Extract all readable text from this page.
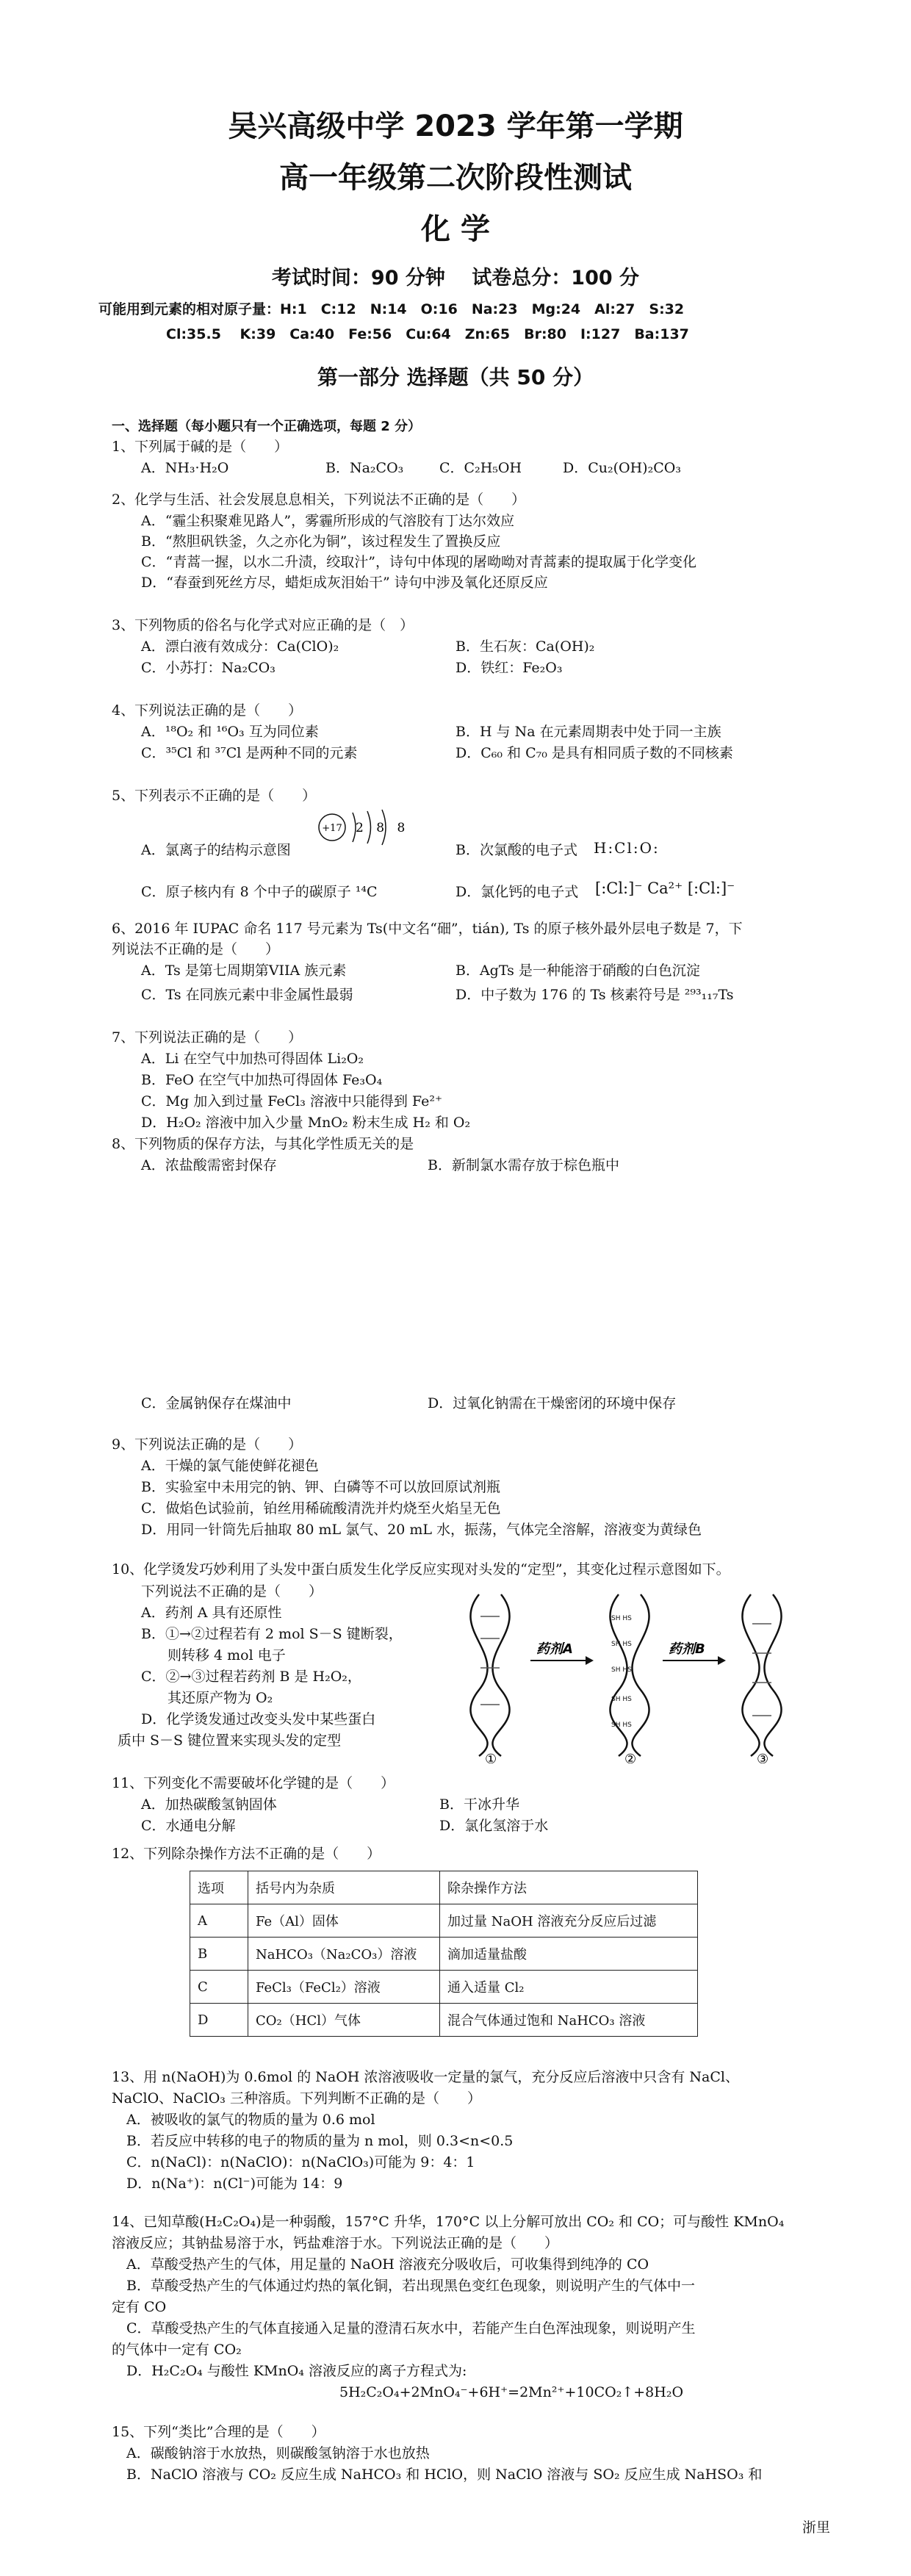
吴兴高级中学 2023 学年第一学期
高一年级第二次阶段性测试
化 学
考试时间：90 分钟　 试卷总分：100 分
可能用到元素的相对原子量：H:1　C:12　N:14　O:16　Na:23　Mg:24　Al:27　S:32
Cl:35.5　 K:39　Ca:40　Fe:56　Cu:64　Zn:65　Br:80　I:127　Ba:137
第一部分 选择题（共 50 分）
一、选择题（每小题只有一个正确选项，每题 2 分）
1、下列属于碱的是（　　）
A．NH₃·H₂O	B．Na₂CO₃	C．C₂H₅OH	D．Cu₂(OH)₂CO₃
2、化学与生活、社会发展息息相关，下列说法不正确的是（　　）
A．“霾尘积聚难见路人”，雾霾所形成的气溶胶有丁达尔效应
B．“熬胆矾铁釜，久之亦化为铜”，该过程发生了置换反应
C．“青蒿一握，以水二升渍，绞取汁”，诗句中体现的屠呦呦对青蒿素的提取属于化学变化
D．“春蚕到死丝方尽，蜡炬成灰泪始干” 诗句中涉及氧化还原反应
3、下列物质的俗名与化学式对应正确的是（　）
A．漂白液有效成分：Ca(ClO)₂	B．生石灰：Ca(OH)₂
C．小苏打：Na₂CO₃	D．铁红：Fe₂O₃
4、下列说法正确的是（　　）
A．¹⁸O₂ 和 ¹⁶O₃ 互为同位素	B．H 与 Na 在元素周期表中处于同一主族
C．³⁵Cl 和 ³⁷Cl 是两种不同的元素	D．C₆₀ 和 C₇₀ 是具有相同质子数的不同核素
5、下列表示不正确的是（　　）
+17 2 8 8
A．氯离子的结构示意图	B．次氯酸的电子式 H:Cl:O:
C．原子核内有 8 个中子的碳原子 ¹⁴C	D．氯化钙的电子式 [:Cl:]⁻ Ca²⁺ [:Cl:]⁻
6、2016 年 IUPAC 命名 117 号元素为 Ts(中文名“鿬”，tián), Ts 的原子核外最外层电子数是 7，下
列说法不正确的是（　　）
A．Ts 是第七周期第VIIA 族元素	B．AgTs 是一种能溶于硝酸的白色沉淀
C．Ts 在同族元素中非金属性最弱	D．中子数为 176 的 Ts 核素符号是 ²⁹³₁₁₇Ts
7、下列说法正确的是（　　）
A．Li 在空气中加热可得固体 Li₂O₂
B．FeO 在空气中加热可得固体 Fe₃O₄
C．Mg 加入到过量 FeCl₃ 溶液中只能得到 Fe²⁺
D．H₂O₂ 溶液中加入少量 MnO₂ 粉末生成 H₂ 和 O₂
8、下列物质的保存方法，与其化学性质无关的是
A．浓盐酸需密封保存	B．新制氯水需存放于棕色瓶中
C．金属钠保存在煤油中	D．过氧化钠需在干燥密闭的环境中保存
9、下列说法正确的是（　　）
A．干燥的氯气能使鲜花褪色
B．实验室中未用完的钠、钾、白磷等不可以放回原试剂瓶
C．做焰色试验前，铂丝用稀硫酸清洗并灼烧至火焰呈无色
D．用同一针筒先后抽取 80 mL 氯气、20 mL 水，振荡，气体完全溶解，溶液变为黄绿色
10、化学烫发巧妙利用了头发中蛋白质发生化学反应实现对头发的“定型”，其变化过程示意图如下。
下列说法不正确的是（　　）
A．药剂 A 具有还原性
B．①→②过程若有 2 mol S－S 键断裂，
则转移 4 mol 电子
C．②→③过程若药剂 B 是 H₂O₂，
其还原产物为 O₂
D．化学烫发通过改变头发中某些蛋白
质中 S－S 键位置来实现头发的定型
SH HS
SH HS
SH HS
SH HS
SH HS
药剂A	药剂B
①	②	③
11、下列变化不需要破坏化学键的是（　　）
A．加热碳酸氢钠固体	B．干冰升华
C．水通电分解	D．氯化氢溶于水
12、下列除杂操作方法不正确的是（　　）
选项	括号内为杂质	除杂操作方法
A	Fe（Al）固体	加过量 NaOH 溶液充分反应后过滤
B	NaHCO₃（Na₂CO₃）溶液	滴加适量盐酸
C	FeCl₃（FeCl₂）溶液	通入适量 Cl₂
D	CO₂（HCl）气体	混合气体通过饱和 NaHCO₃ 溶液
13、用 n(NaOH)为 0.6mol 的 NaOH 浓溶液吸收一定量的氯气，充分反应后溶液中只含有 NaCl、
NaClO、NaClO₃ 三种溶质。下列判断不正确的是（　　）
A．被吸收的氯气的物质的量为 0.6 mol
B．若反应中转移的电子的物质的量为 n mol，则 0.3<n<0.5
C．n(NaCl)：n(NaClO)：n(NaClO₃)可能为 9：4：1
D．n(Na⁺)：n(Cl⁻)可能为 14：9
14、已知草酸(H₂C₂O₄)是一种弱酸，157°C 升华，170°C 以上分解可放出 CO₂ 和 CO；可与酸性 KMnO₄
溶液反应；其钠盐易溶于水，钙盐难溶于水。下列说法正确的是（　　）
A．草酸受热产生的气体，用足量的 NaOH 溶液充分吸收后，可收集得到纯净的 CO
B．草酸受热产生的气体通过灼热的氧化铜，若出现黑色变红色现象，则说明产生的气体中一
定有 CO
C．草酸受热产生的气体直接通入足量的澄清石灰水中，若能产生白色浑浊现象，则说明产生
的气体中一定有 CO₂
D．H₂C₂O₄ 与酸性 KMnO₄ 溶液反应的离子方程式为:
5H₂C₂O₄+2MnO₄⁻+6H⁺=2Mn²⁺+10CO₂↑+8H₂O
15、下列“类比”合理的是（　　）
A．碳酸钠溶于水放热，则碳酸氢钠溶于水也放热
B．NaClO 溶液与 CO₂ 反应生成 NaHCO₃ 和 HClO，则 NaClO 溶液与 SO₂ 反应生成 NaHSO₃ 和
浙里
